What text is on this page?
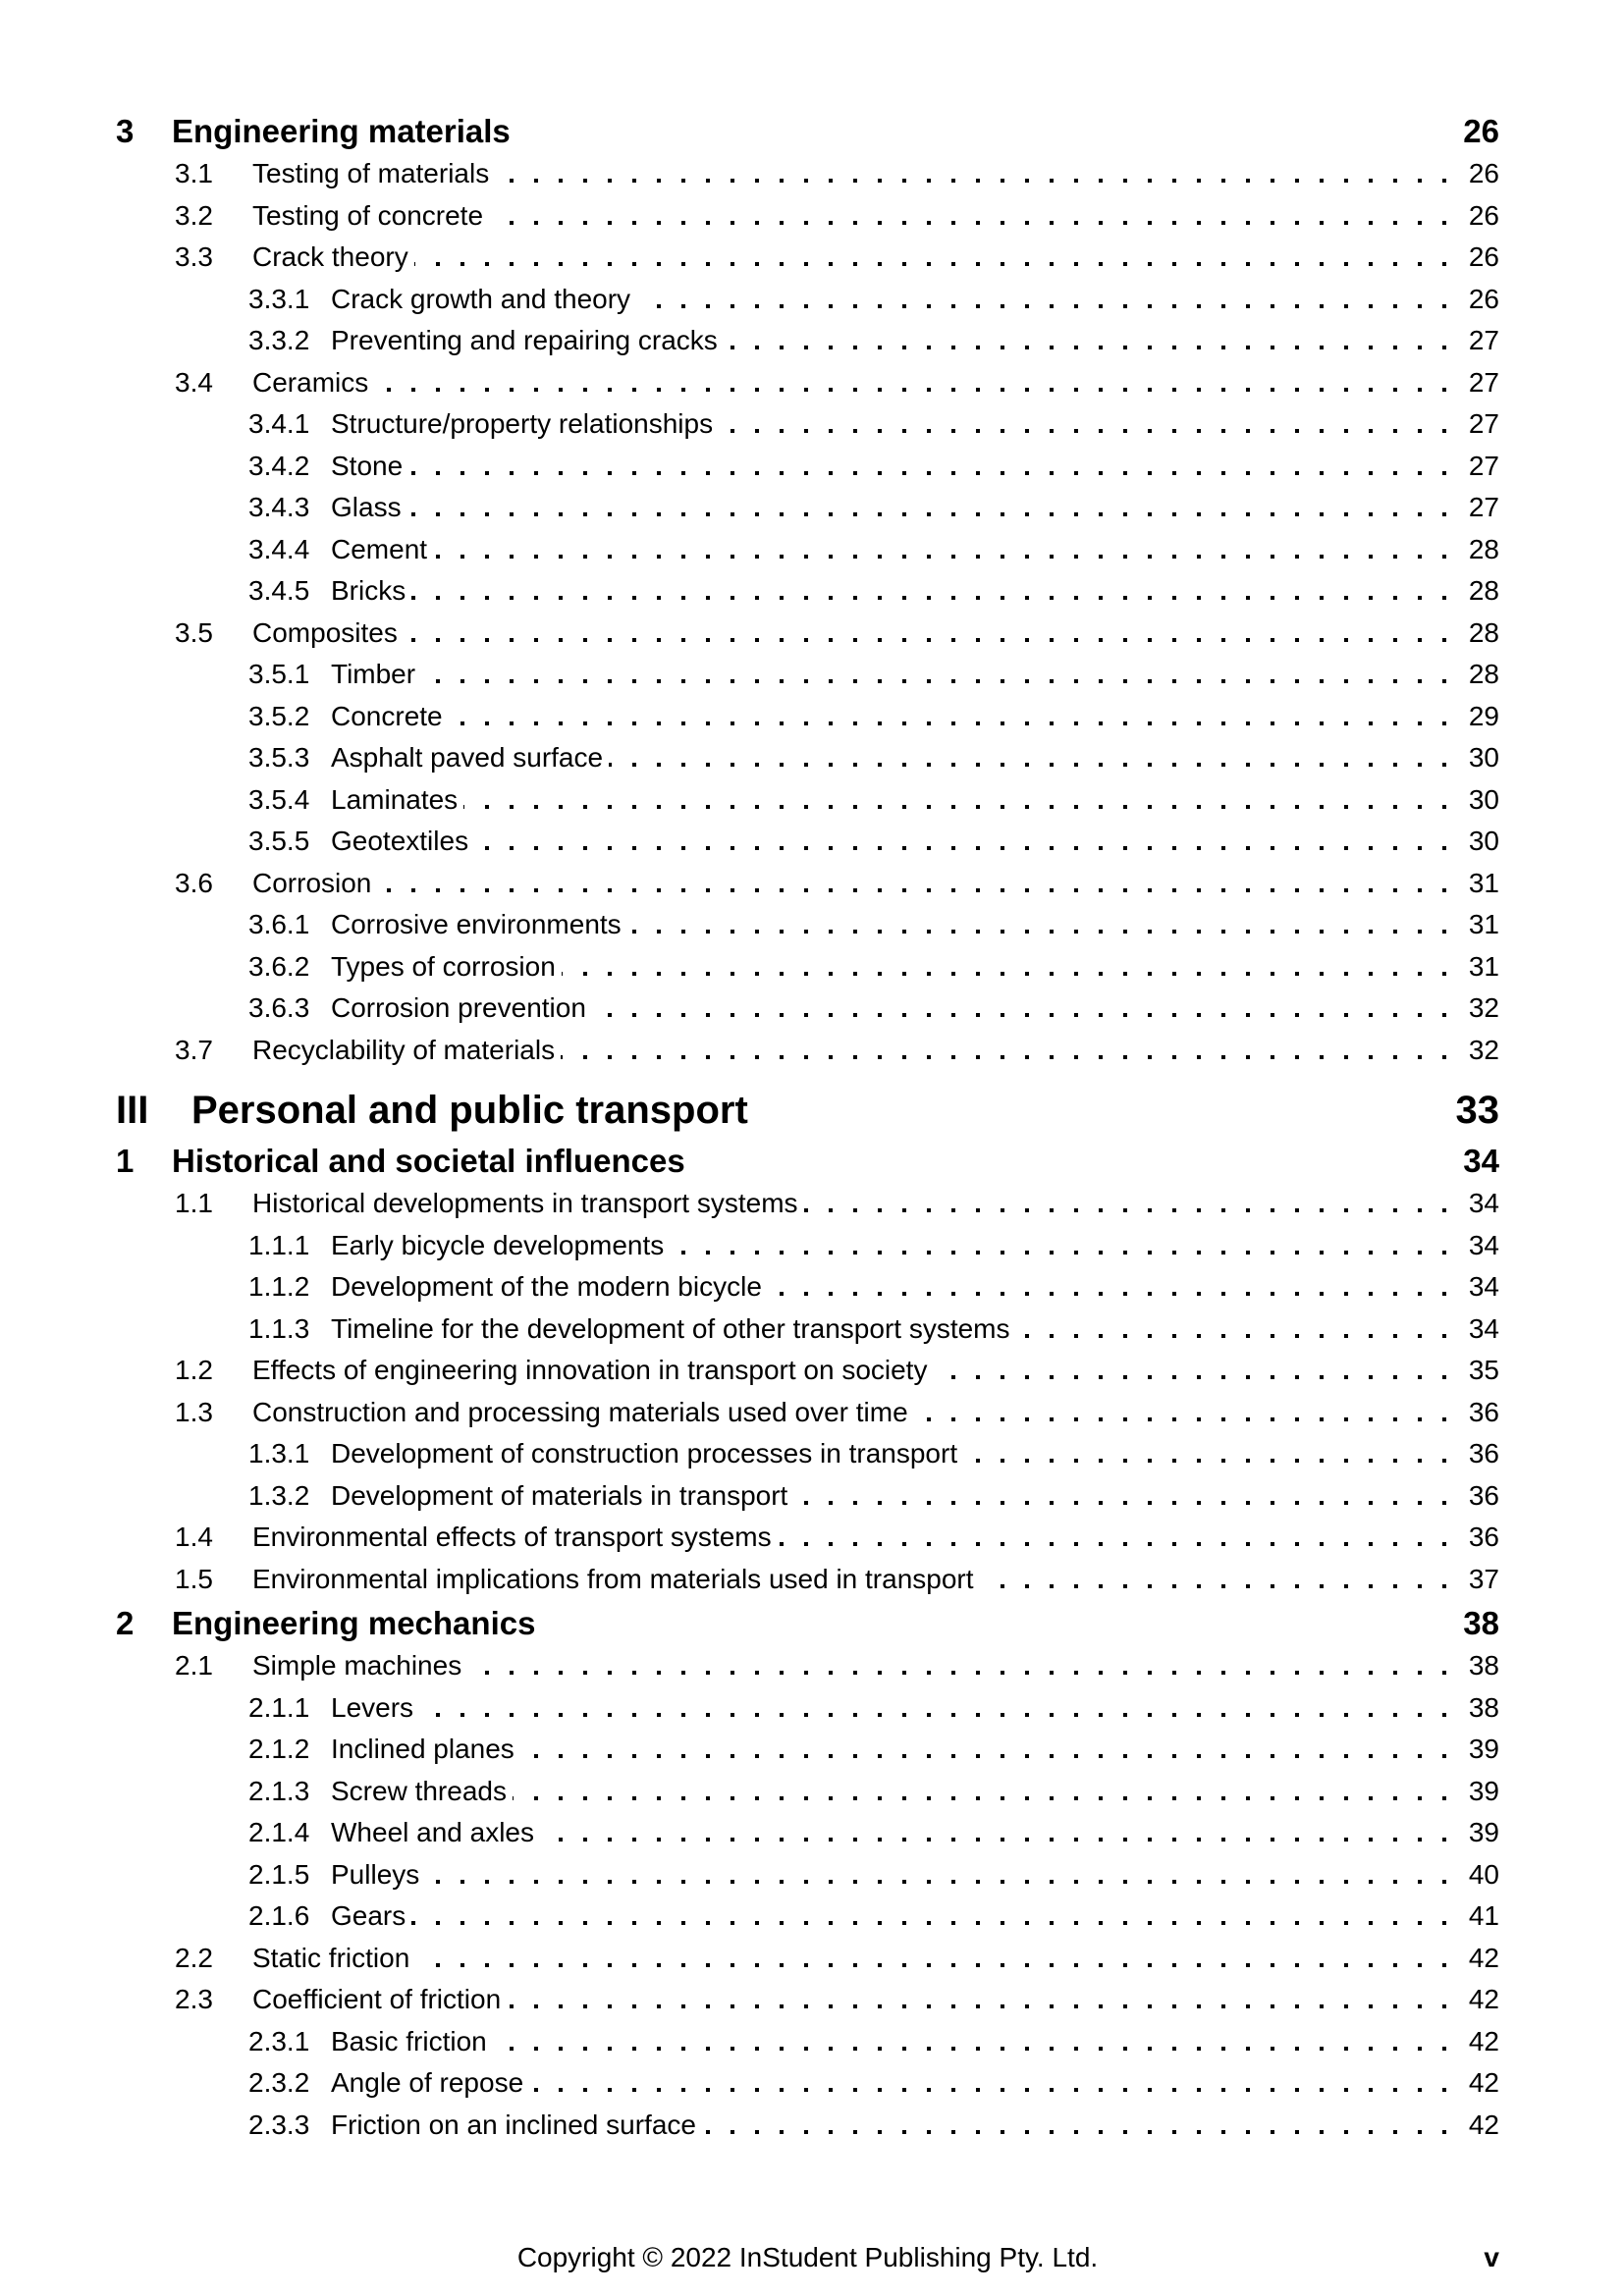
3	Engineering materials	26
3.1	Testing of materials	26
3.2	Testing of concrete	26
3.3	Crack theory	26
3.3.1 Crack growth and theory	26
3.3.2 Preventing and repairing cracks	27
3.4	Ceramics	27
3.4.1 Structure/property relationships	27
3.4.2 Stone	27
3.4.3 Glass	27
3.4.4 Cement	28
3.4.5 Bricks	28
3.5	Composites	28
3.5.1 Timber	28
3.5.2 Concrete	29
3.5.3 Asphalt paved surface	30
3.5.4 Laminates	30
3.5.5 Geotextiles	30
3.6	Corrosion	31
3.6.1 Corrosive environments	31
3.6.2 Types of corrosion	31
3.6.3 Corrosion prevention	32
3.7	Recyclability of materials	32
III	Personal and public transport	33
1	Historical and societal influences	34
1.1	Historical developments in transport systems	34
1.1.1 Early bicycle developments	34
1.1.2 Development of the modern bicycle	34
1.1.3 Timeline for the development of other transport systems	34
1.2	Effects of engineering innovation in transport on society	35
1.3	Construction and processing materials used over time	36
1.3.1 Development of construction processes in transport	36
1.3.2 Development of materials in transport	36
1.4	Environmental effects of transport systems	36
1.5	Environmental implications from materials used in transport	37
2	Engineering mechanics	38
2.1	Simple machines	38
2.1.1 Levers	38
2.1.2 Inclined planes	39
2.1.3 Screw threads	39
2.1.4 Wheel and axles	39
2.1.5 Pulleys	40
2.1.6 Gears	41
2.2	Static friction	42
2.3	Coefficient of friction	42
2.3.1 Basic friction	42
2.3.2 Angle of repose	42
2.3.3 Friction on an inclined surface	42
Copyright © 2022 InStudent Publishing Pty. Ltd.	v
